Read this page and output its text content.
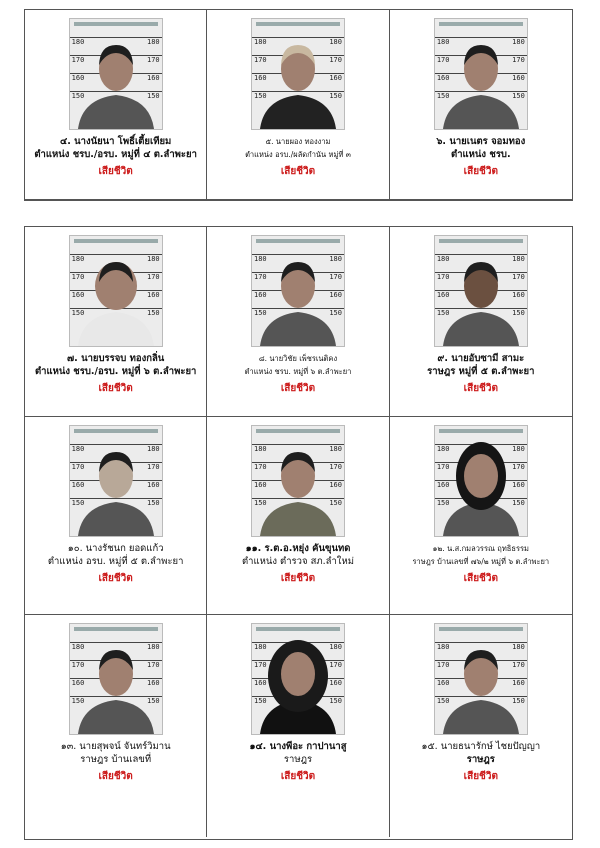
180	180
170	170
160	160
150	150
๔. นางนัยนา โพธิ์เตี้ยเทียม
ตำแหน่ง ชรบ./อรบ. หมู่ที่ ๔ ต.ลำพะยา
เสียชีวิต
180	180
170	170
160	160
150	150
๕. นายผอง ทองงาม
ตำแหน่ง อรบ./ผลัดกำนัน หมู่ที่ ๓
เสียชีวิต
180	180
170	170
160	160
150	150
๖. นายเนตร จอมทอง
ตำแหน่ง ชรบ.
เสียชีวิต
180	180
170	170
160	160
150	150
๗. นายบรรจบ ทองกลิ่น
ตำแหน่ง ชรบ./อรบ. หมู่ที่ ๖ ต.ลำพะยา
เสียชีวิต
180	180
170	170
160	160
150	150
๘. นายวิชัย เพ็ชรเนติคง
ตำแหน่ง ชรบ. หมู่ที่ ๖ ต.ลำพะยา
เสียชีวิต
180	180
170	170
160	160
150	150
๙. นายอับซามี สามะ
ราษฎร หมู่ที่ ๕ ต.ลำพะยา
เสียชีวิต
180	180
170	170
160	160
150	150
๑๐. นางรัชนก ยอดแก้ว
ตำแหน่ง อรบ. หมู่ที่ ๕ ต.ลำพะยา
เสียชีวิต
180	180
170	170
160	160
150	150
๑๑. ร.ต.อ.หยุ่ง คันขุนทด
ตำแหน่ง ตำรวจ สภ.ลำใหม่
เสียชีวิต
180	180
170	170
160	160
150	150
๑๒. น.ส.กมลวรรณ ฤทธิธรรม
ราษฎร บ้านเลขที่ ๗๖/๒ หมู่ที่ ๖ ต.ลำพะยา
เสียชีวิต
180	180
170	170
160	160
150	150
๑๓. นายสุพจน์ จันทร์วิมาน
ราษฎร บ้านเลขที่
เสียชีวิต
180	180
170	170
160	160
150	150
๑๔. นางพีอะ กาปานาสู
ราษฎร
เสียชีวิต
180	180
170	170
160	160
150	150
๑๕. นายธนารักษ์ ไชยปัญญา
ราษฎร
เสียชีวิต
